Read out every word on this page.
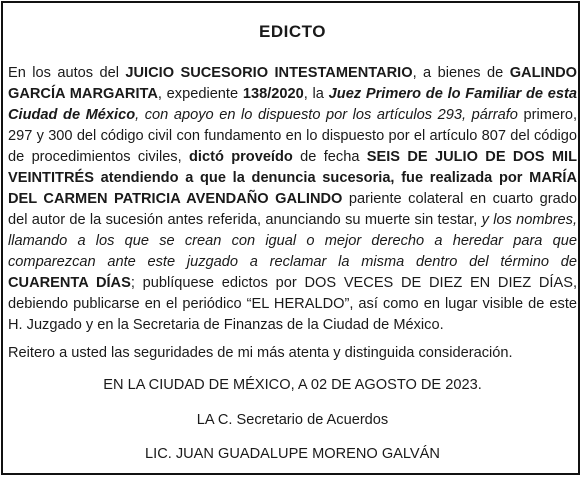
EDICTO
En los autos del JUICIO SUCESORIO INTESTAMENTARIO, a bienes de GALINDO GARCÍA MARGARITA, expediente 138/2020, la Juez Primero de lo Familiar de esta Ciudad de México, con apoyo en lo dispuesto por los artículos 293, párrafo primero, 297 y 300 del código civil con fundamento en lo dispuesto por el artículo 807 del código de procedimientos civiles, dictó proveído de fecha SEIS DE JULIO DE DOS MIL VEINTITRÉS atendiendo a que la denuncia sucesoria, fue realizada por MARÍA DEL CARMEN PATRICIA AVENDAÑO GALINDO pariente colateral en cuarto grado del autor de la sucesión antes referida, anunciando su muerte sin testar, y los nombres, llamando a los que se crean con igual o mejor derecho a heredar para que comparezcan ante este juzgado a reclamar la misma dentro del término de CUARENTA DÍAS; publíquese edictos por DOS VECES DE DIEZ EN DIEZ DÍAS, debiendo publicarse en el periódico “EL HERALDO”, así como en lugar visible de este H. Juzgado y en la Secretaria de Finanzas de la Ciudad de México.
Reitero a usted las seguridades de mi más atenta y distinguida consideración.
EN LA CIUDAD DE MÉXICO, A 02 DE AGOSTO DE 2023.
LA C. Secretario de Acuerdos
LIC. JUAN GUADALUPE MORENO GALVÁN
